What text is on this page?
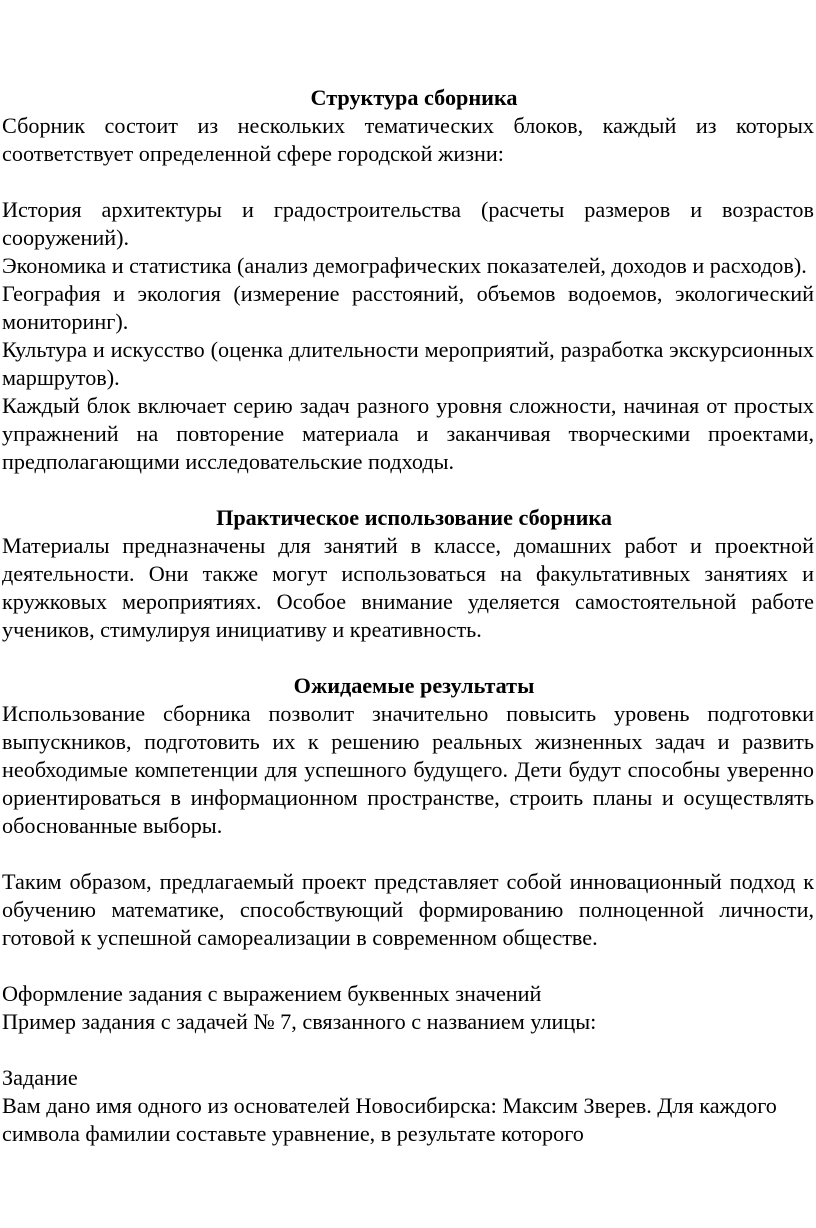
Структура сборника

Сборник состоит из нескольких тематических блоков, каждый из которых соответствует определенной сфере городской жизни:

История архитектуры и градостроительства (расчеты размеров и возрастов сооружений).

Экономика и статистика (анализ демографических показателей, доходов и расходов).

География и экология (измерение расстояний, объемов водоемов, экологический мониторинг).

Культура и искусство (оценка длительности мероприятий, разработка экскурсионных маршрутов).

Каждый блок включает серию задач разного уровня сложности, начиная от простых упражнений на повторение материала и заканчивая творческими проектами, предполагающими исследовательские подходы.

Практическое использование сборника

Материалы предназначены для занятий в классе, домашних работ и проектной деятельности. Они также могут использоваться на факультативных занятиях и кружковых мероприятиях. Особое внимание уделяется самостоятельной работе учеников, стимулируя инициативу и креативность.

Ожидаемые результаты

Использование сборника позволит значительно повысить уровень подготовки выпускников, подготовить их к решению реальных жизненных задач и развить необходимые компетенции для успешного будущего. Дети будут способны уверенно ориентироваться в информационном пространстве, строить планы и осуществлять обоснованные выборы.

Таким образом, предлагаемый проект представляет собой инновационный подход к обучению математике, способствующий формированию полноценной личности, готовой к успешной самореализации в современном обществе.

Оформление задания с выражением буквенных значений

Пример задания с задачей № 7, связанного с названием улицы:

Задание

Вам дано имя одного из основателей Новосибирска: Максим Зверев. Для каждого символа фамилии составьте уравнение, в результате которого
